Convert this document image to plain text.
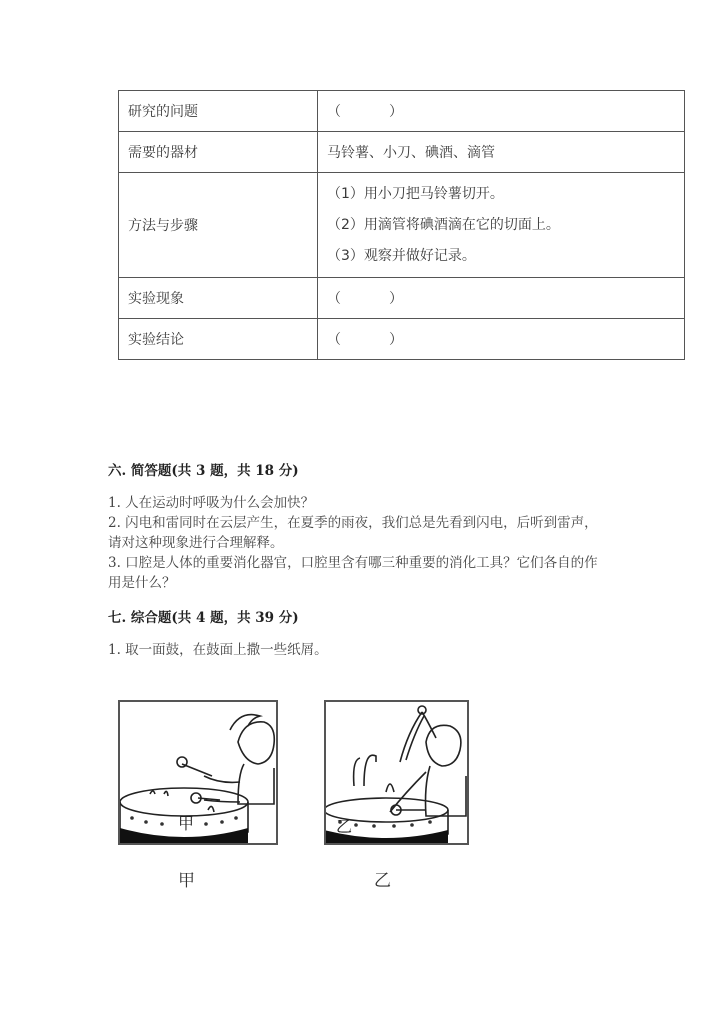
研究的问题	（ ）
需要的器材	马铃薯、小刀、碘酒、滴管
方法与步骤	（1）用小刀把马铃薯切开。
（2）用滴管将碘酒滴在它的切面上。
（3）观察并做好记录。

实验现象	（ ）
实验结论	（ ）
六. 简答题(共 3 题，共 18 分)
1. 人在运动时呼吸为什么会加快？
2. 闪电和雷同时在云层产生，在夏季的雨夜，我们总是先看到闪电，后听到雷声，请对这种现象进行合理解释。
3. 口腔是人体的重要消化器官，口腔里含有哪三种重要的消化工具？它们各自的作用是什么？
七. 综合题(共 4 题，共 39 分)
1. 取一面鼓，在鼓面上撒一些纸屑。
甲
甲
乙
乙
